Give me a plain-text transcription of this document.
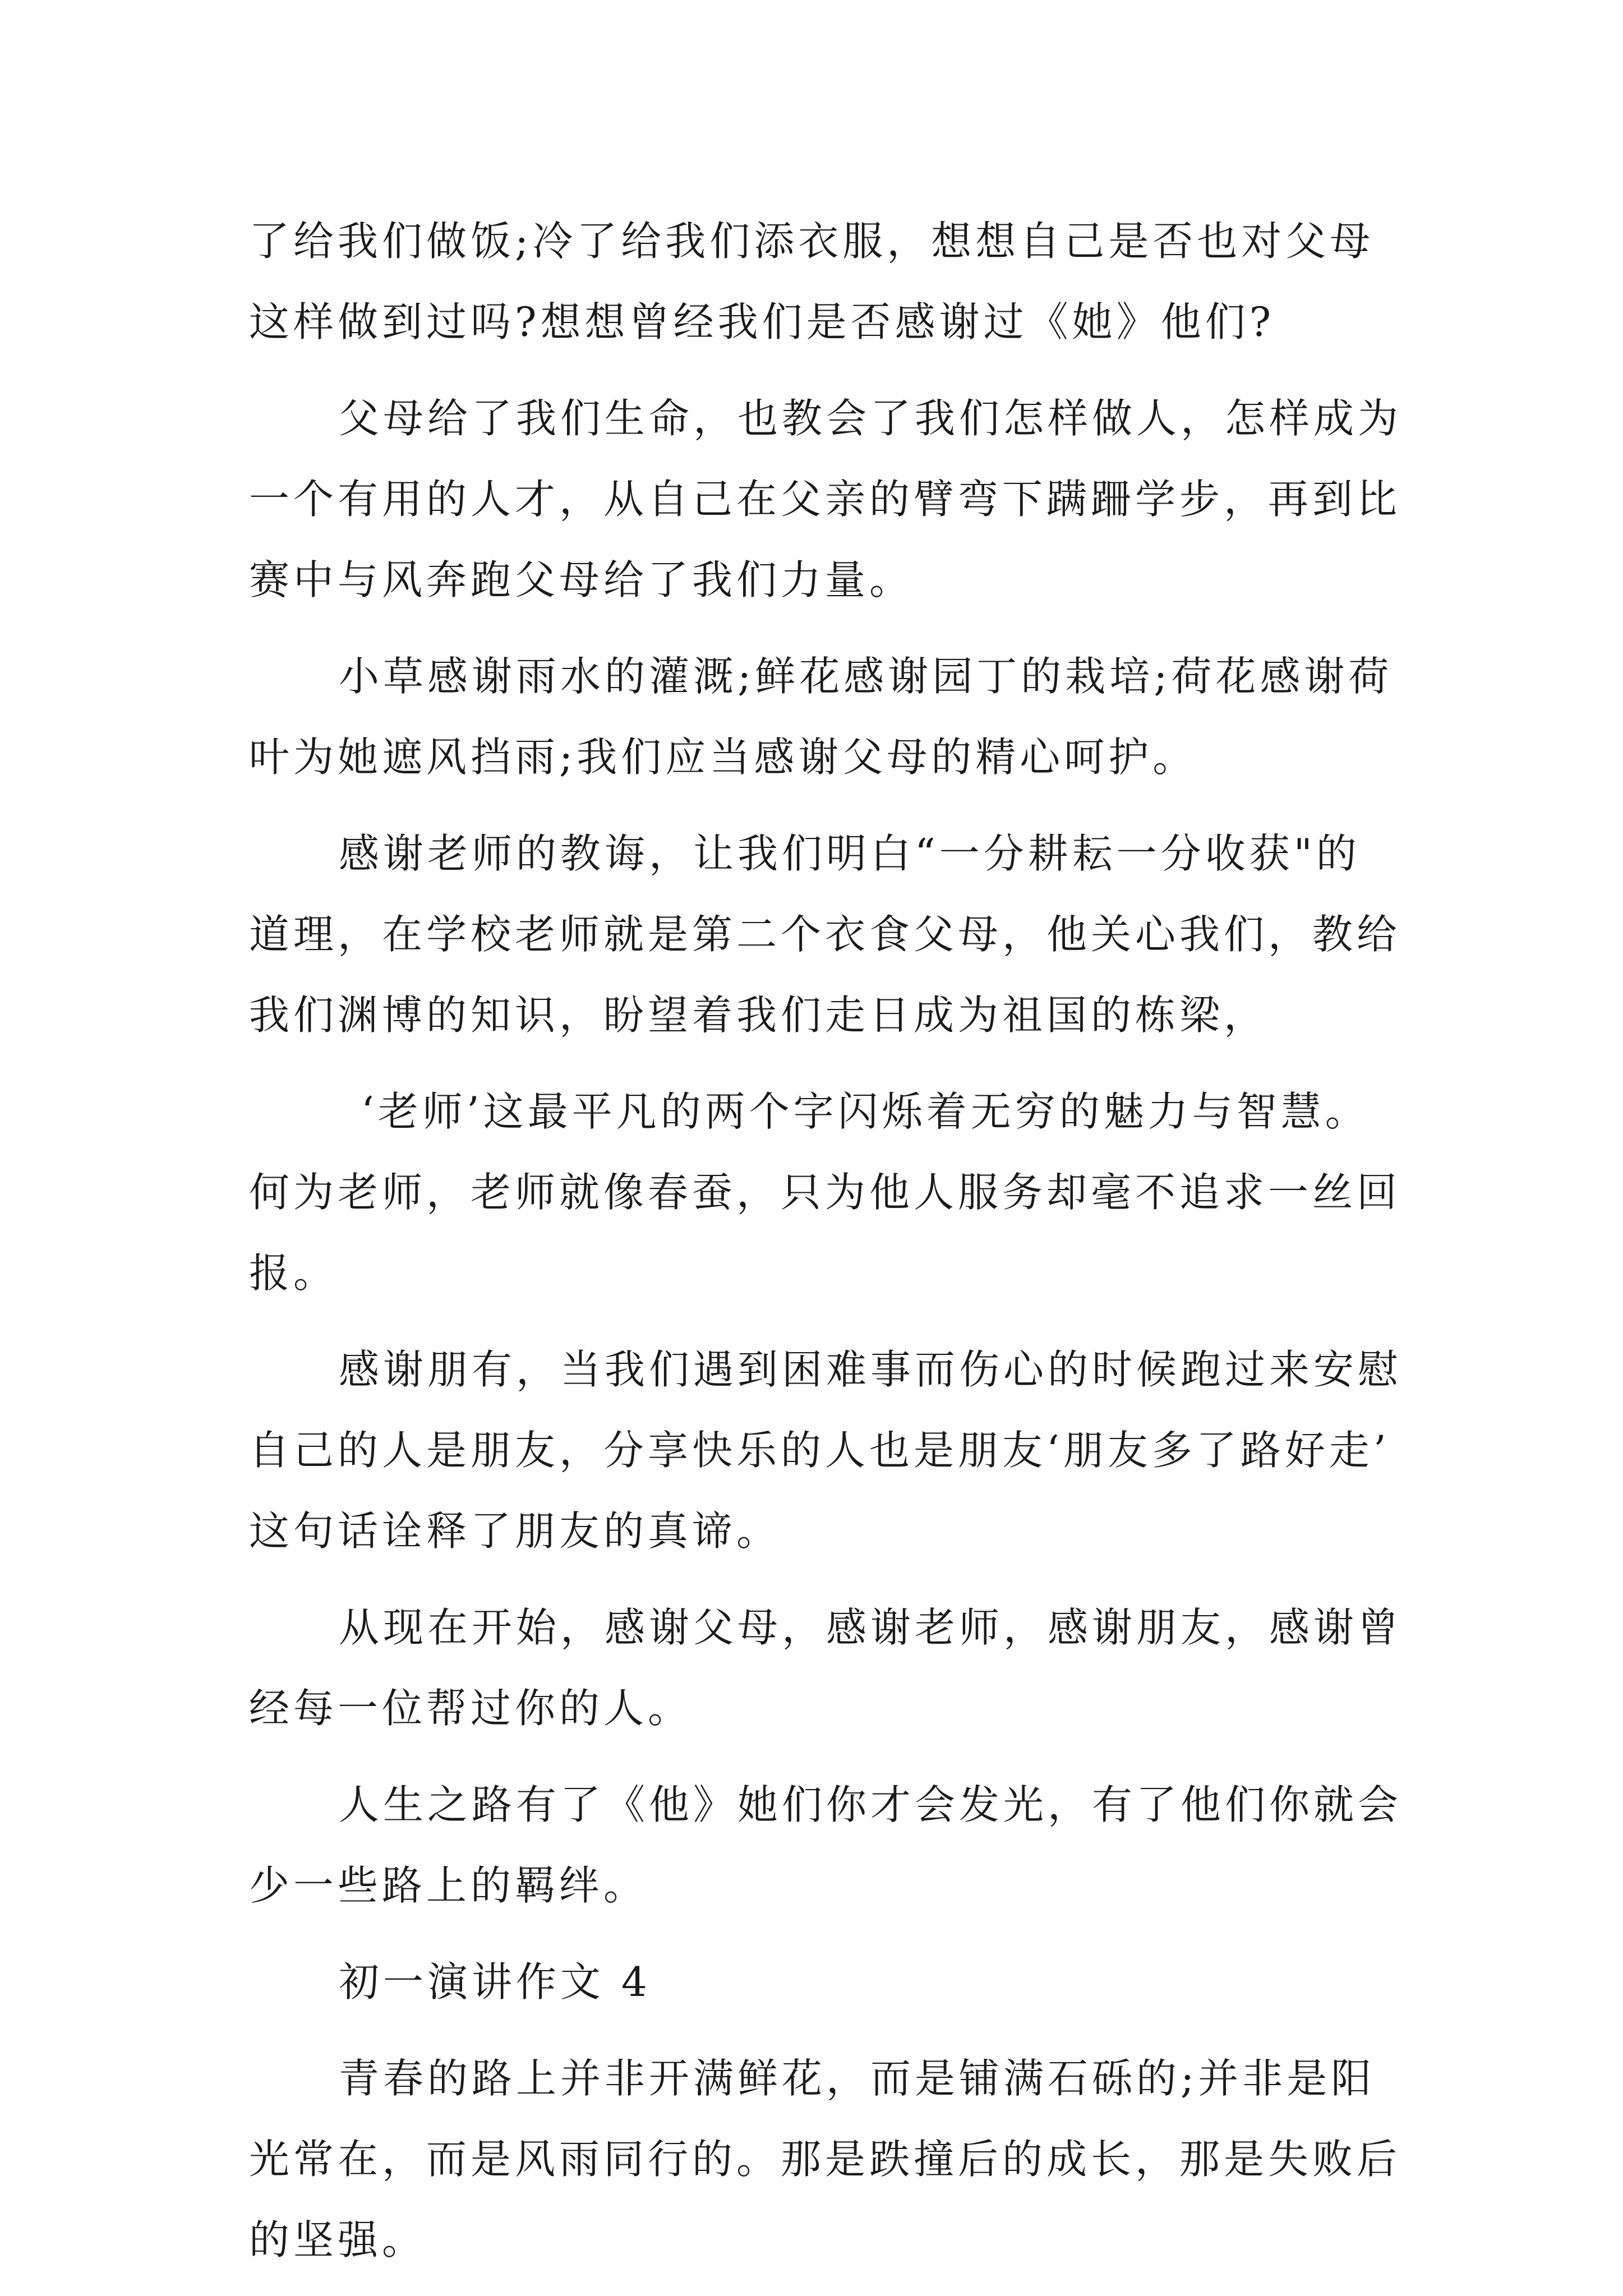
了给我们做饭;冷了给我们添衣服，想想自己是否也对父母
这样做到过吗?想想曾经我们是否感谢过《她》他们?
父母给了我们生命，也教会了我们怎样做人，怎样成为
一个有用的人才，从自己在父亲的臂弯下蹒跚学步，再到比
赛中与风奔跑父母给了我们力量。
小草感谢雨水的灌溉;鲜花感谢园丁的栽培;荷花感谢荷
叶为她遮风挡雨;我们应当感谢父母的精心呵护。
感谢老师的教诲，让我们明白“一分耕耘一分收获"的
道理，在学校老师就是第二个衣食父母，他关心我们，教给
我们渊博的知识，盼望着我们走日成为祖国的栋梁，
‘老师’这最平凡的两个字闪烁着无穷的魅力与智慧。
何为老师，老师就像春蚕，只为他人服务却毫不追求一丝回
报。
感谢朋有，当我们遇到困难事而伤心的时候跑过来安慰
自己的人是朋友，分享快乐的人也是朋友‘朋友多了路好走’
这句话诠释了朋友的真谛。
从现在开始，感谢父母，感谢老师，感谢朋友，感谢曾
经每一位帮过你的人。
人生之路有了《他》她们你才会发光，有了他们你就会
少一些路上的羁绊。
初一演讲作文 4
青春的路上并非开满鲜花，而是铺满石砾的;并非是阳
光常在，而是风雨同行的。那是跌撞后的成长，那是失败后
的坚强。
